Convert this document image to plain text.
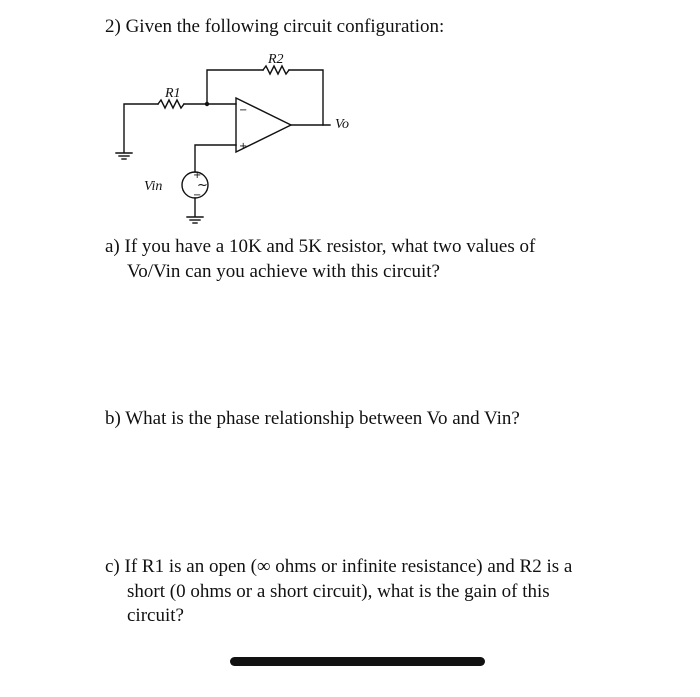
2) Given the following circuit configuration:

R2
R1
Vo
Vin
−
+
+
−
~

a) If you have a 10K and 5K resistor, what two values of

Vo/Vin can you achieve with this circuit?

b) What is the phase relationship between Vo and Vin?

c) If R1 is an open (∞ ohms or infinite resistance) and R2 is a

short (0 ohms or a short circuit), what is the gain of this

circuit?
